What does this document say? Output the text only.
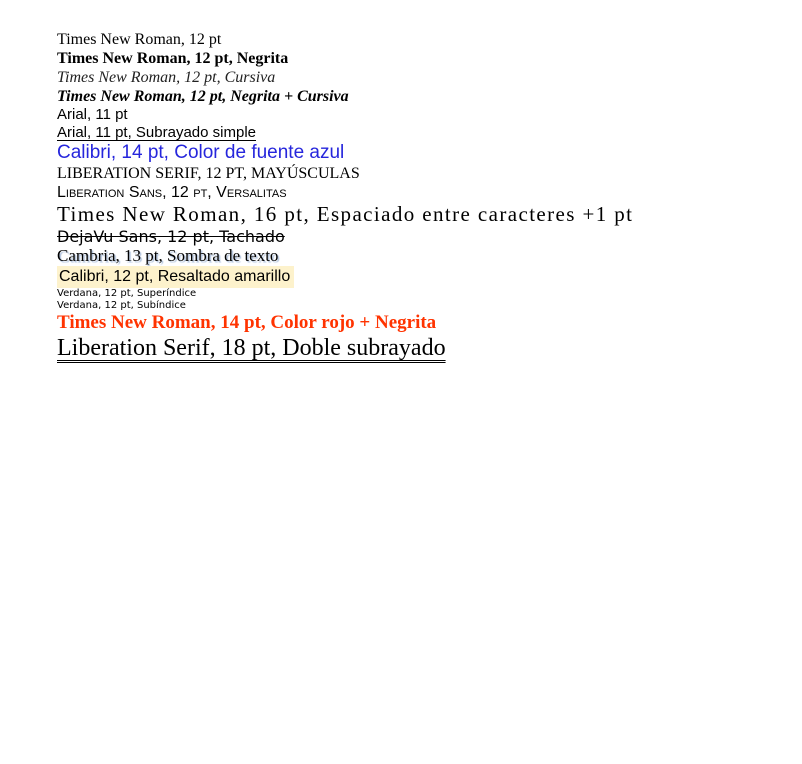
Times New Roman, 12 pt

Times New Roman, 12 pt, Negrita

Times New Roman, 12 pt, Cursiva

Times New Roman, 12 pt, Negrita + Cursiva

Arial, 11 pt

Arial, 11 pt, Subrayado simple

Calibri, 14 pt, Color de fuente azul

LIBERATION SERIF, 12 PT, MAYÚSCULAS

Liberation Sans, 12 pt, Versalitas

Times New Roman, 16 pt, Espaciado entre caracteres +1 pt

DejaVu Sans, 12 pt, Tachado

Cambria, 13 pt, Sombra de texto

Calibri, 12 pt, Resaltado amarillo

Verdana, 12 pt, Superíndice

Verdana, 12 pt, Subíndice

Times New Roman, 14 pt, Color rojo + Negrita

Liberation Serif, 18 pt, Doble subrayado
